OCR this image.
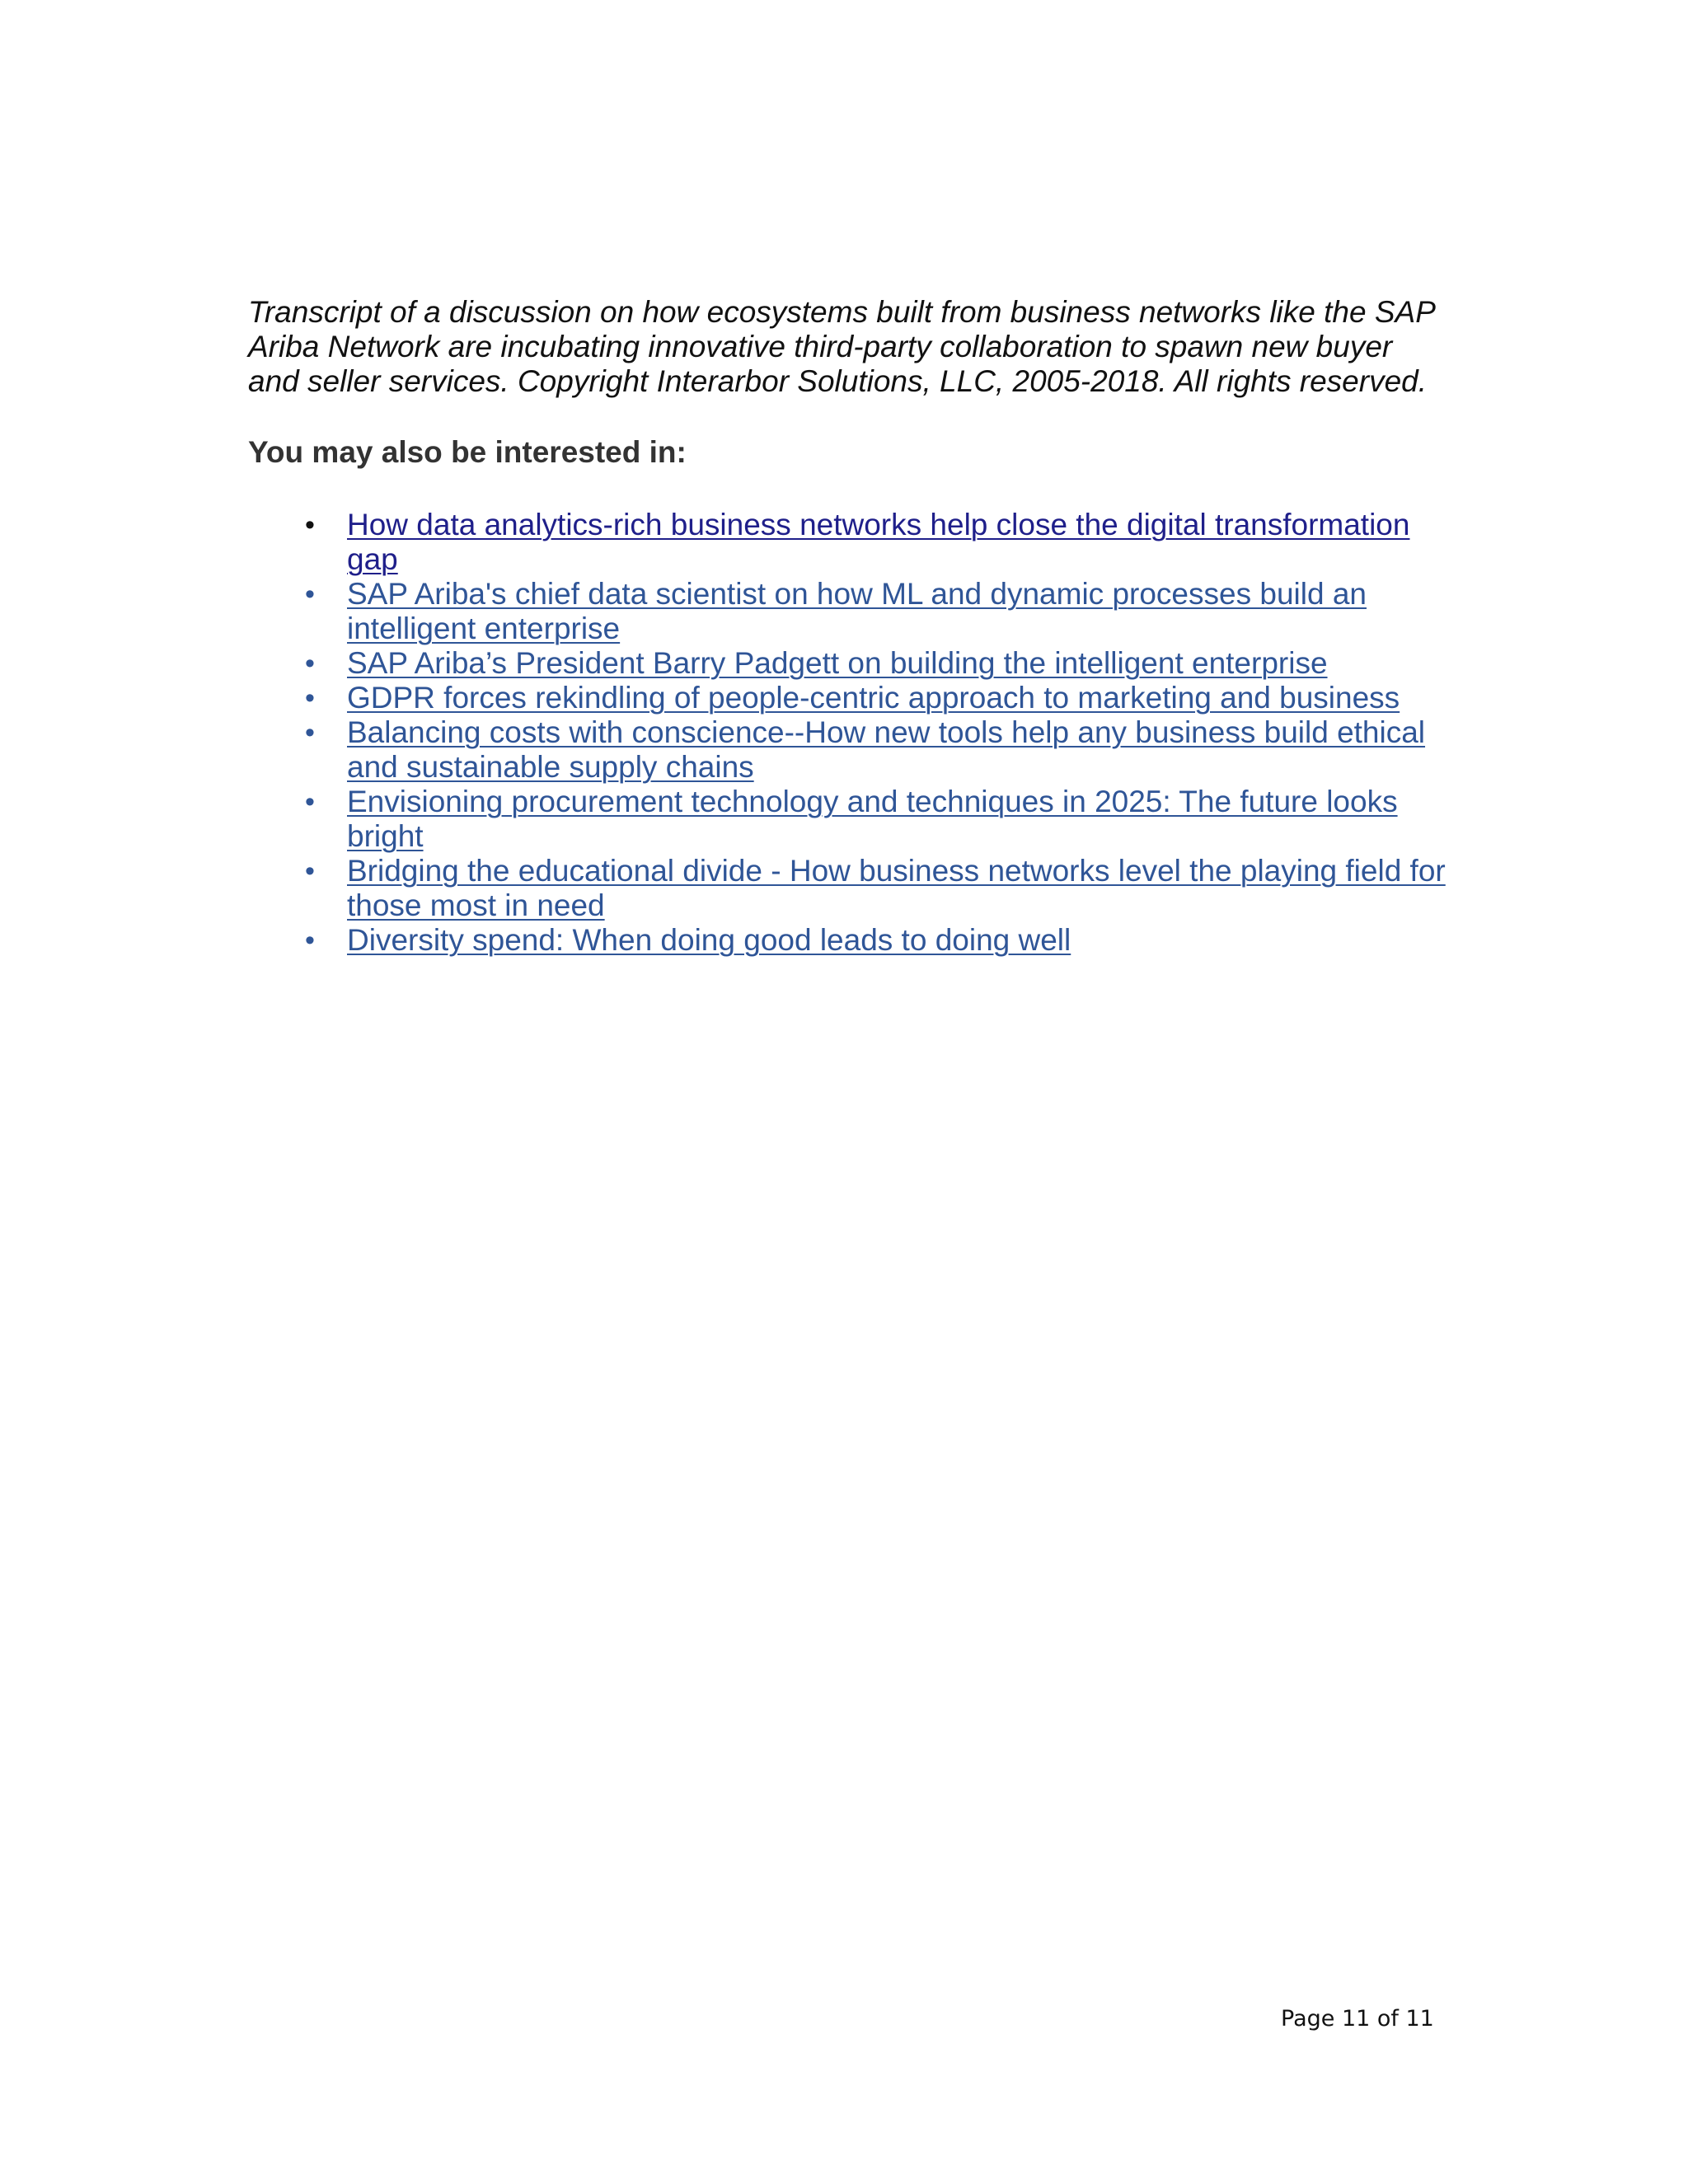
Transcript of a discussion on how ecosystems built from business networks like the SAP Ariba Network are incubating innovative third-party collaboration to spawn new buyer and seller services. Copyright Interarbor Solutions, LLC, 2005-2018. All rights reserved.

You may also be interested in:

• How data analytics-rich business networks help close the digital transformation gap
• SAP Ariba's chief data scientist on how ML and dynamic processes build an intelligent enterprise
• SAP Ariba’s President Barry Padgett on building the intelligent enterprise
• GDPR forces rekindling of people-centric approach to marketing and business
• Balancing costs with conscience--How new tools help any business build ethical and sustainable supply chains
• Envisioning procurement technology and techniques in 2025: The future looks bright
• Bridging the educational divide - How business networks level the playing field for those most in need
• Diversity spend: When doing good leads to doing well
Page 11 of 11
